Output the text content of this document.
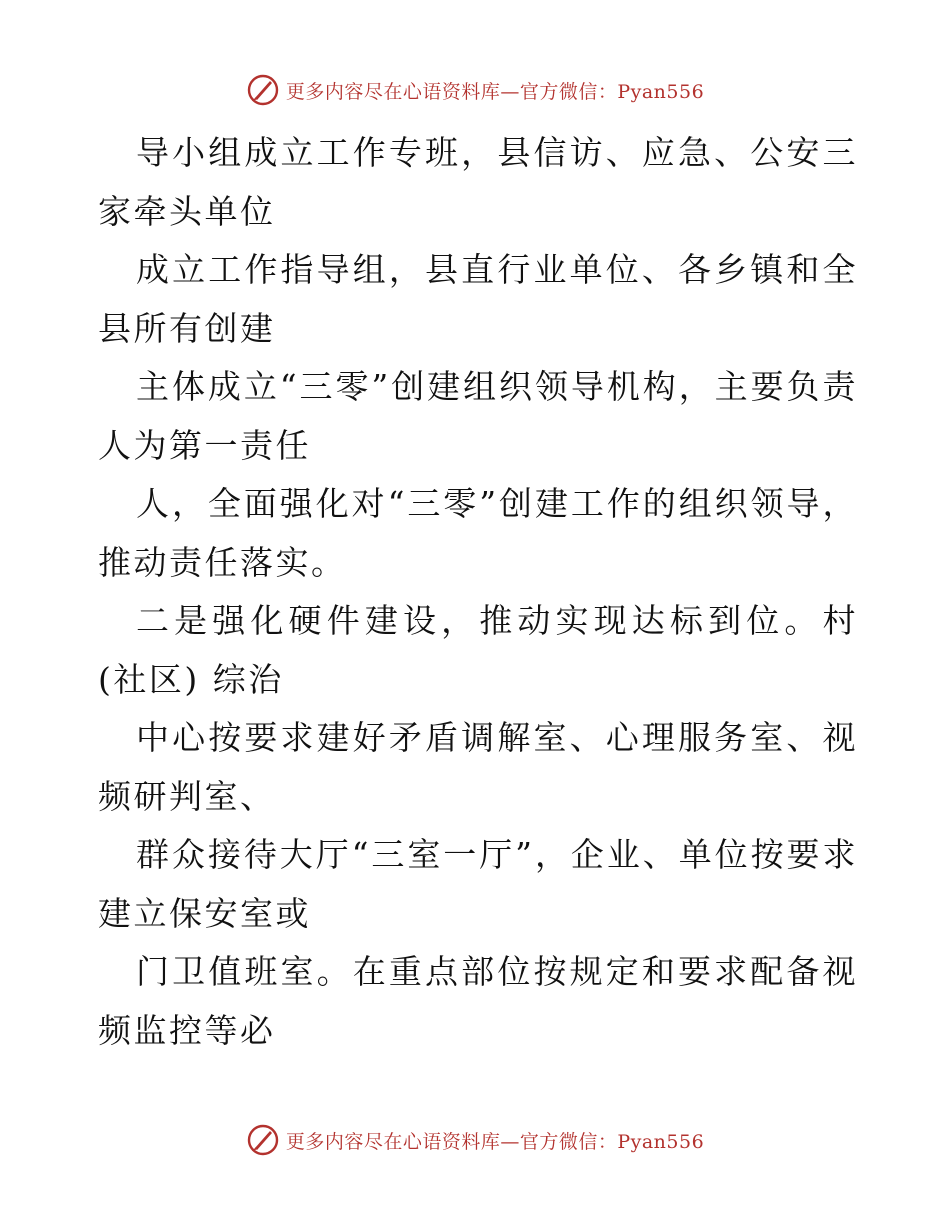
更多内容尽在心语资料库—官方微信：Pyan556

导小组成立工作专班，县信访、应急、公安三家牵头单位

成立工作指导组，县直行业单位、各乡镇和全县所有创建

主体成立“三零”创建组织领导机构，主要负责人为第一责任

人，全面强化对“三零”创建工作的组织领导，推动责任落实。

二是强化硬件建设，推动实现达标到位。村(社区) 综治

中心按要求建好矛盾调解室、心理服务室、视频研判室、

群众接待大厅“三室一厅”，企业、单位按要求建立保安室或

门卫值班室。在重点部位按规定和要求配备视频监控等必

更多内容尽在心语资料库—官方微信：Pyan556
